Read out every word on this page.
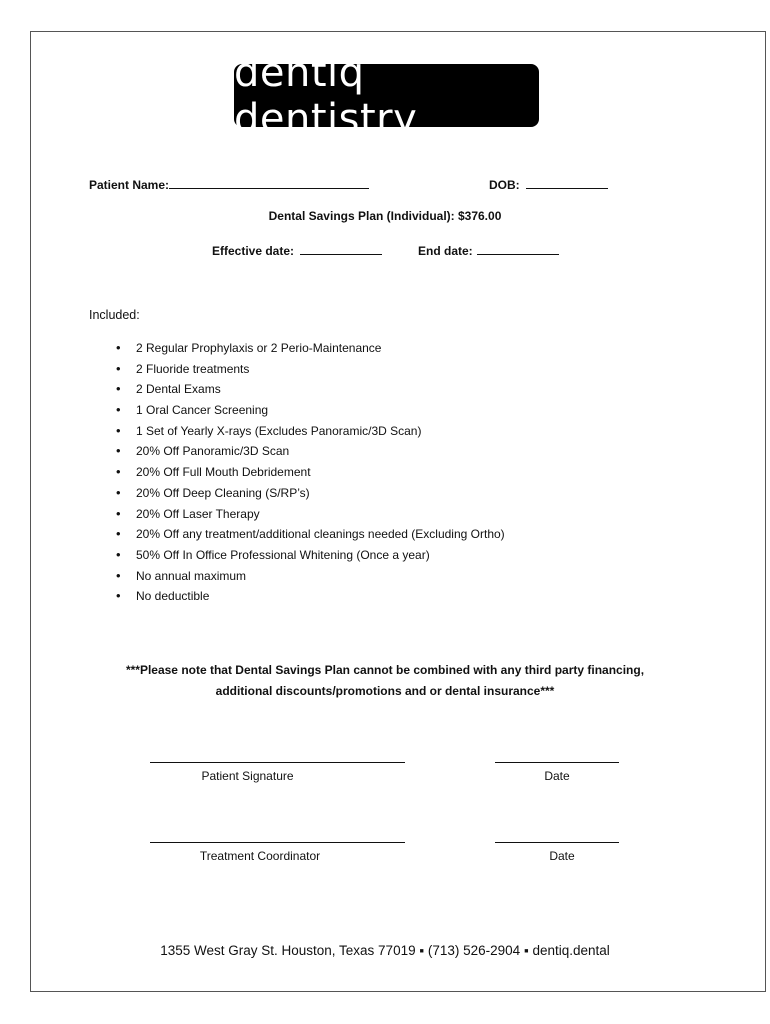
dentiq dentistry
Patient Name:	DOB:
Dental Savings Plan (Individual): $376.00
Effective date:	End date:
Included:
• 2 Regular Prophylaxis or 2 Perio-Maintenance
• 2 Fluoride treatments
• 2 Dental Exams
• 1 Oral Cancer Screening
• 1 Set of Yearly X-rays (Excludes Panoramic/3D Scan)
• 20% Off Panoramic/3D Scan
• 20% Off Full Mouth Debridement
• 20% Off Deep Cleaning (S/RP’s)
• 20% Off Laser Therapy
• 20% Off any treatment/additional cleanings needed (Excluding Ortho)
• 50% Off In Office Professional Whitening (Once a year)
• No annual maximum
• No deductible
***Please note that Dental Savings Plan cannot be combined with any third party financing,
additional discounts/promotions and or dental insurance***
Patient Signature	Date
Treatment Coordinator	Date
1355 West Gray St. Houston, Texas 77019 ▪ (713) 526-2904 ▪ dentiq.dental
